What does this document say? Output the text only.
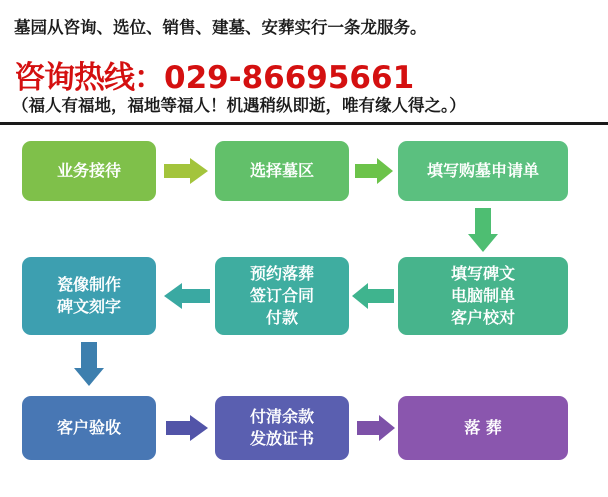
墓园从咨询、选位、销售、建墓、安葬实行一条龙服务。
咨询热线：029-86695661
（福人有福地，福地等福人！机遇稍纵即逝，唯有缘人得之。）
业务接待	选择墓区	填写购墓申请单
填写碑文
电脑制单
客户校对
预约落葬
签订合同
付款
瓷像制作
碑文刻字
客户验收
付清余款
发放证书
落 葬
